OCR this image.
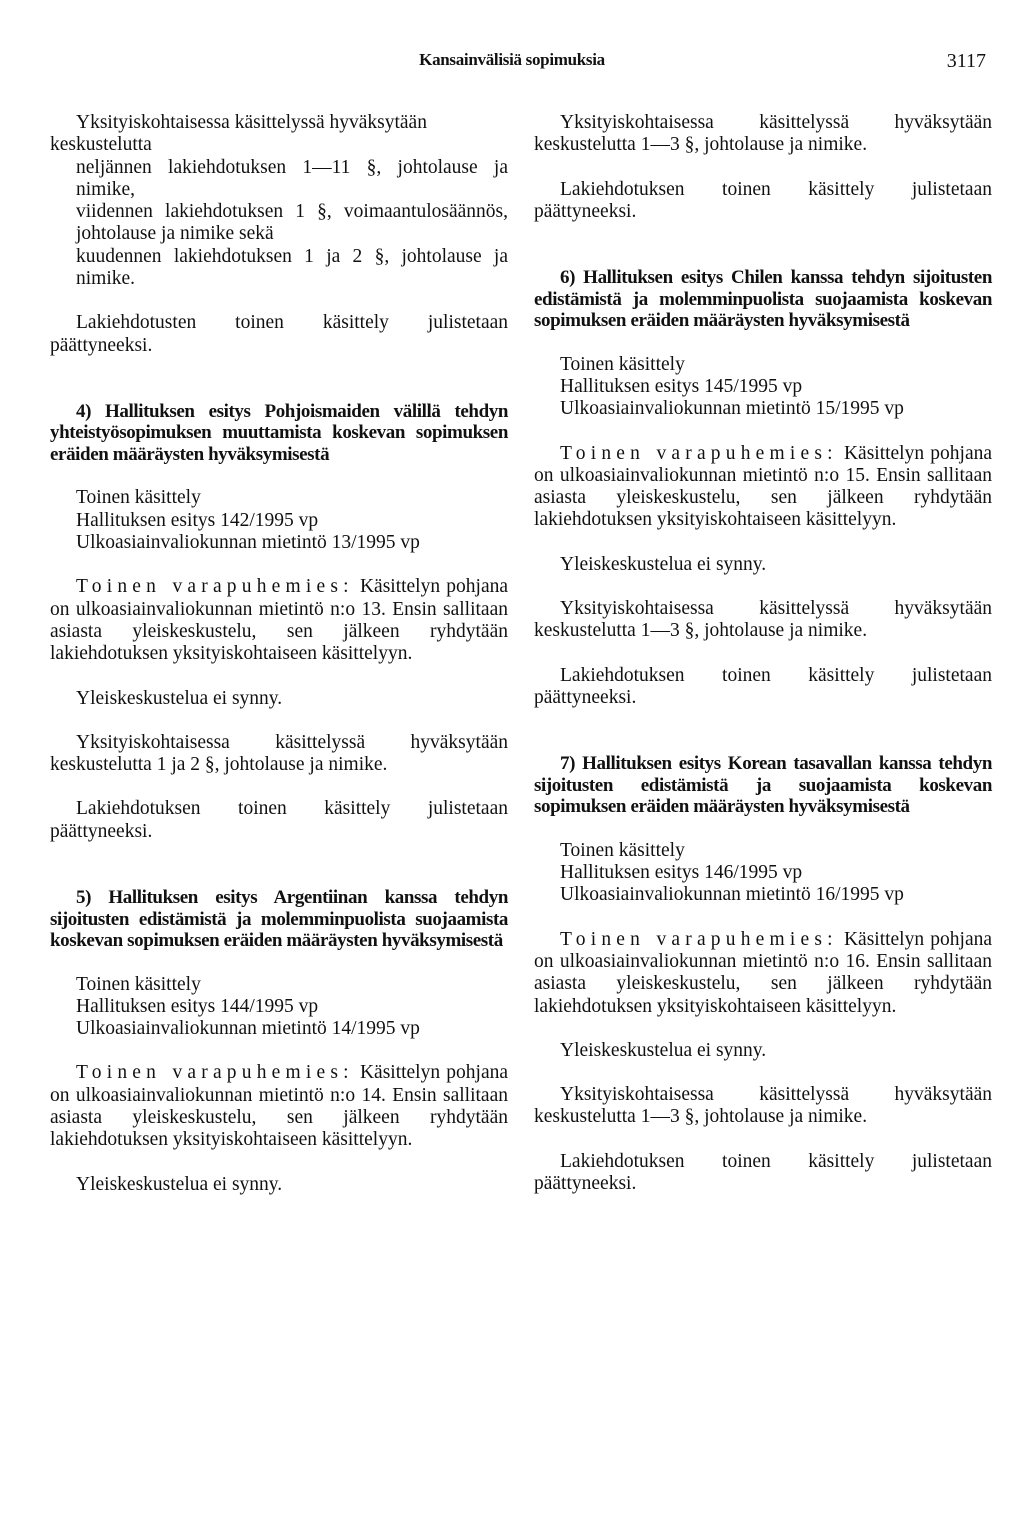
Kansainvälisiä sopimuksia	3117
Yksityiskohtaisessa käsittelyssä hyväksytään
keskustelutta

neljännen lakiehdotuksen 1—11 §, johtolause ja nimike,

viidennen lakiehdotuksen 1 §, voimaantulosäännös, johtolause ja nimike sekä

kuudennen lakiehdotuksen 1 ja 2 §, johtolause ja nimike.

Lakiehdotusten toinen käsittely julistetaan päättyneeksi.

4) Hallituksen esitys Pohjoismaiden välillä tehdyn yhteistyösopimuksen muuttamista koskevan sopimuksen eräiden määräysten hyväksymisestä

Toinen käsittely
Hallituksen esitys 142/1995 vp
Ulkoasiainvaliokunnan mietintö 13/1995 vp

Toinen varapuhemies: Käsittelyn pohjana on ulkoasiainvaliokunnan mietintö n:o 13. Ensin sallitaan asiasta yleiskeskustelu, sen jälkeen ryhdytään lakiehdotuksen yksityiskohtaiseen käsittelyyn.

Yleiskeskustelua ei synny.

Yksityiskohtaisessa käsittelyssä hyväksytään keskustelutta 1 ja 2 §, johtolause ja nimike.

Lakiehdotuksen toinen käsittely julistetaan päättyneeksi.

5) Hallituksen esitys Argentiinan kanssa tehdyn sijoitusten edistämistä ja molemminpuolista suojaamista koskevan sopimuksen eräiden määräysten hyväksymisestä

Toinen käsittely
Hallituksen esitys 144/1995 vp
Ulkoasiainvaliokunnan mietintö 14/1995 vp

Toinen varapuhemies: Käsittelyn pohjana on ulkoasiainvaliokunnan mietintö n:o 14. Ensin sallitaan asiasta yleiskeskustelu, sen jälkeen ryhdytään lakiehdotuksen yksityiskohtaiseen käsittelyyn.

Yleiskeskustelua ei synny.

Yksityiskohtaisessa käsittelyssä hyväksytään keskustelutta 1—3 §, johtolause ja nimike.

Lakiehdotuksen toinen käsittely julistetaan päättyneeksi.

6) Hallituksen esitys Chilen kanssa tehdyn sijoitusten edistämistä ja molemminpuolista suojaamista koskevan sopimuksen eräiden määräysten hyväksymisestä

Toinen käsittely
Hallituksen esitys 145/1995 vp
Ulkoasiainvaliokunnan mietintö 15/1995 vp

Toinen varapuhemies: Käsittelyn pohjana on ulkoasiainvaliokunnan mietintö n:o 15. Ensin sallitaan asiasta yleiskeskustelu, sen jälkeen ryhdytään lakiehdotuksen yksityiskohtaiseen käsittelyyn.

Yleiskeskustelua ei synny.

Yksityiskohtaisessa käsittelyssä hyväksytään keskustelutta 1—3 §, johtolause ja nimike.

Lakiehdotuksen toinen käsittely julistetaan päättyneeksi.

7) Hallituksen esitys Korean tasavallan kanssa tehdyn sijoitusten edistämistä ja suojaamista koskevan sopimuksen eräiden määräysten hyväksymisestä

Toinen käsittely
Hallituksen esitys 146/1995 vp
Ulkoasiainvaliokunnan mietintö 16/1995 vp

Toinen varapuhemies: Käsittelyn pohjana on ulkoasiainvaliokunnan mietintö n:o 16. Ensin sallitaan asiasta yleiskeskustelu, sen jälkeen ryhdytään lakiehdotuksen yksityiskohtaiseen käsittelyyn.

Yleiskeskustelua ei synny.

Yksityiskohtaisessa käsittelyssä hyväksytään keskustelutta 1—3 §, johtolause ja nimike.

Lakiehdotuksen toinen käsittely julistetaan päättyneeksi.
